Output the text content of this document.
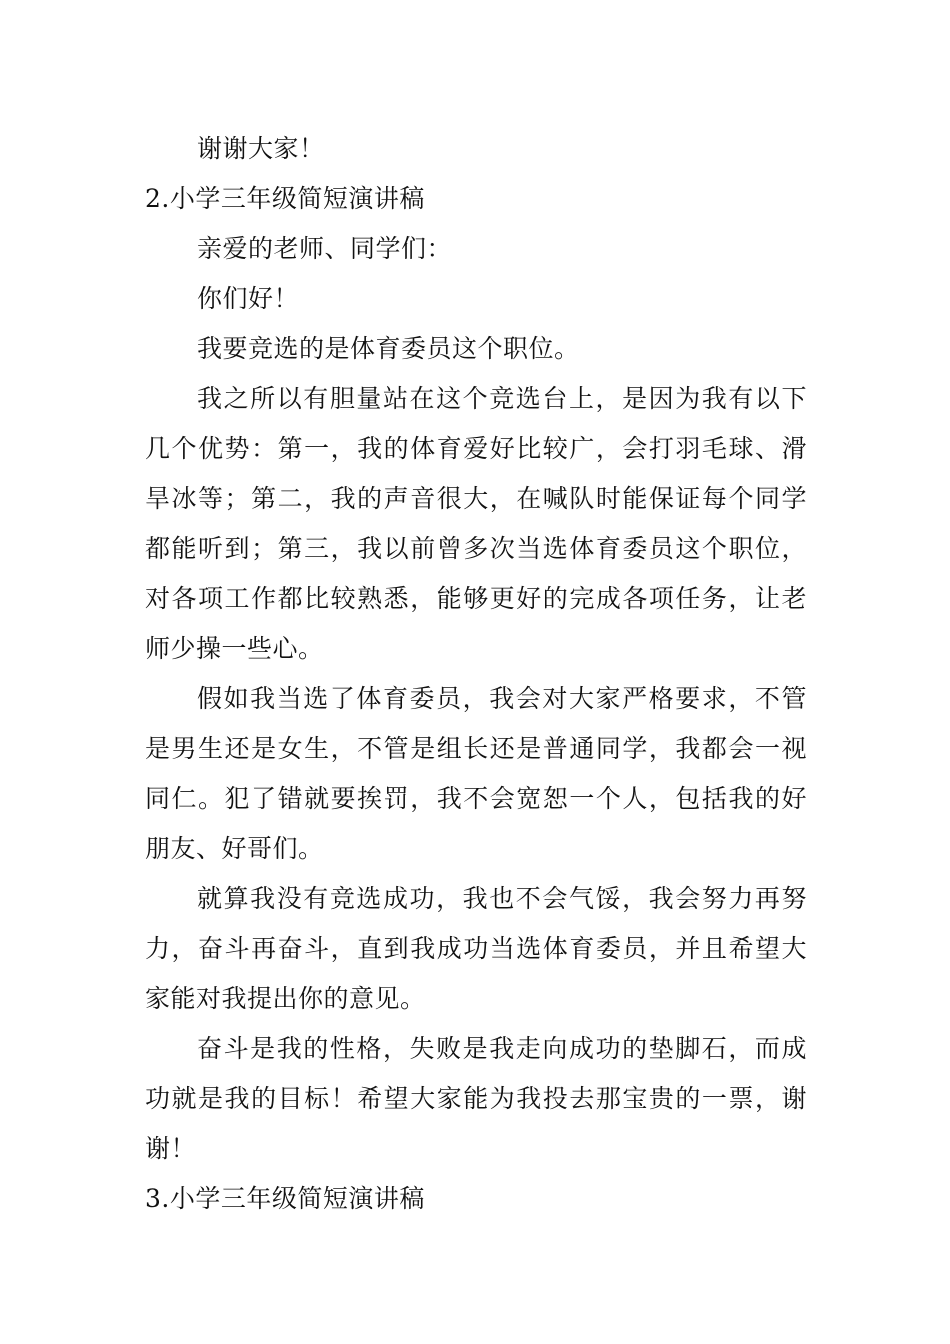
谢谢大家！
2.小学三年级简短演讲稿
亲爱的老师、同学们：
你们好！
我要竞选的是体育委员这个职位。
我之所以有胆量站在这个竞选台上，是因为我有以下
几个优势：第一，我的体育爱好比较广，会打羽毛球、滑
旱冰等；第二，我的声音很大，在喊队时能保证每个同学
都能听到；第三，我以前曾多次当选体育委员这个职位，
对各项工作都比较熟悉，能够更好的完成各项任务，让老
师少操一些心。
假如我当选了体育委员，我会对大家严格要求，不管
是男生还是女生，不管是组长还是普通同学，我都会一视
同仁。犯了错就要挨罚，我不会宽恕一个人，包括我的好
朋友、好哥们。
就算我没有竞选成功，我也不会气馁，我会努力再努
力，奋斗再奋斗，直到我成功当选体育委员，并且希望大
家能对我提出你的意见。
奋斗是我的性格，失败是我走向成功的垫脚石，而成
功就是我的目标！希望大家能为我投去那宝贵的一票，谢
谢！
3.小学三年级简短演讲稿
